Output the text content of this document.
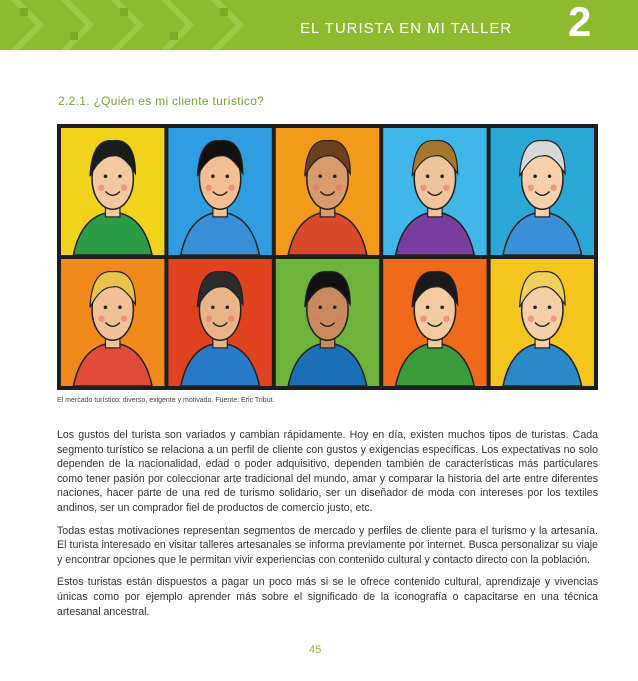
EL TURISTA EN MI TALLER 2
2.2.1. ¿Quién es mi cliente turístico?
El mercado turístico: diverso, exigente y motivado. Fuente: Eric Tribut.

Los gustos del turista son variados y cambian rápidamente. Hoy en día, existen muchos tipos de turistas. Cada segmento turístico se relaciona a un perfil de cliente con gustos y exigencias específicas. Los expectativas no solo dependen de la nacionalidad, edad o poder adquisitivo, dependen también de características más particulares como tener pasión por coleccionar arte tradicional del mundo, amar y comparar la historia del arte entre diferentes naciones, hacer parte de una red de turismo solidario, ser un diseñador de moda con intereses por los textiles andinos, ser un comprador fiel de productos de comercio justo, etc.

Todas estas motivaciones representan segmentos de mercado y perfiles de cliente para el turismo y la artesanía. El turista interesado en visitar talleres artesanales se informa previamente por internet. Busca personalizar su viaje y encontrar opciones que le permitan vivir experiencias con contenido cultural y contacto directo con la población.

Estos turistas están dispuestos a pagar un poco más si se le ofrece contenido cultural, aprendizaje y vivencias únicas como por ejemplo aprender más sobre el significado de la iconografía o capacitarse en una técnica artesanal ancestral.

45
